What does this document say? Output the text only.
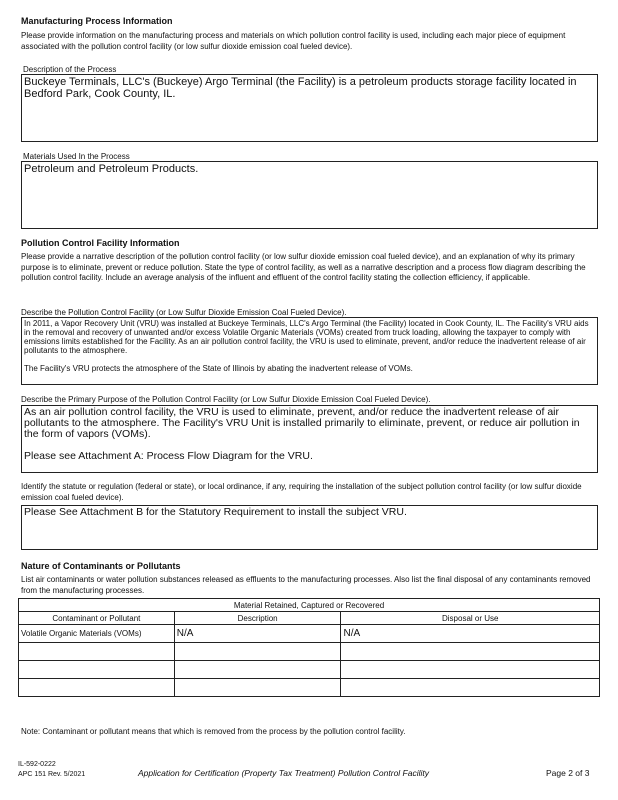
Manufacturing Process Information
Please provide information on the manufacturing process and materials on which pollution control facility is used, including each major piece of equipment associated with the pollution control facility (or low sulfur dioxide emission coal fueled device).
Description of the Process
Buckeye Terminals, LLC's (Buckeye) Argo Terminal (the Facility) is a petroleum products storage facility located in Bedford Park, Cook County, IL.
Materials Used In the Process
Petroleum and Petroleum Products.
Pollution Control Facility Information
Please provide a narrative description of the pollution control facility (or low sulfur dioxide emission coal fueled device), and an explanation of why its primary purpose is to eliminate, prevent or reduce pollution. State the type of control facility, as well as a narrative description and a process flow diagram describing the pollution control facility. Include an average analysis of the influent and effluent of the control facility stating the collection efficiency, if applicable.
Describe the Pollution Control Facility (or Low Sulfur Dioxide Emission Coal Fueled Device).
In 2011, a Vapor Recovery Unit (VRU) was installed at Buckeye Terminals, LLC's Argo Terminal (the Facility) located in Cook County, IL. The Facility's VRU aids in the removal and recovery of unwanted and/or excess Volatile Organic Materials (VOMs) created from truck loading, allowing the taxpayer to comply with emissions limits established for the Facility. As an air pollution control facility, the VRU is used to eliminate, prevent, and/or reduce the inadvertent release of air pollutants to the atmosphere.
The Facility's VRU protects the atmosphere of the State of Illinois by abating the inadvertent release of VOMs.
Describe the Primary Purpose of the Pollution Control Facility (or Low Sulfur Dioxide Emission Coal Fueled Device).
As an air pollution control facility, the VRU is used to eliminate, prevent, and/or reduce the inadvertent release of air pollutants to the atmosphere. The Facility's VRU Unit is installed primarily to eliminate, prevent, or reduce air pollution in the form of vapors (VOMs).
Please see Attachment A: Process Flow Diagram for the VRU.
Identify the statute or regulation (federal or state), or local ordinance, if any, requiring the installation of the subject pollution control facility (or low sulfur dioxide emission coal fueled device).
Please See Attachment B for the Statutory Requirement to install the subject VRU.
Nature of Contaminants or Pollutants
List air contaminants or water pollution substances released as effluents to the manufacturing processes. Also list the final disposal of any contaminants removed from the manufacturing processes.
Material Retained, Captured or Recovered		
Contaminant or Pollutant	Description	Disposal or Use
Volatile Organic Materials (VOMs)	N/A	N/A

Note: Contaminant or pollutant means that which is removed from the process by the pollution control facility.
IL-592-0222
APC 151 Rev. 5/2021	Application for Certification (Property Tax Treatment) Pollution Control Facility	Page 2 of 3
